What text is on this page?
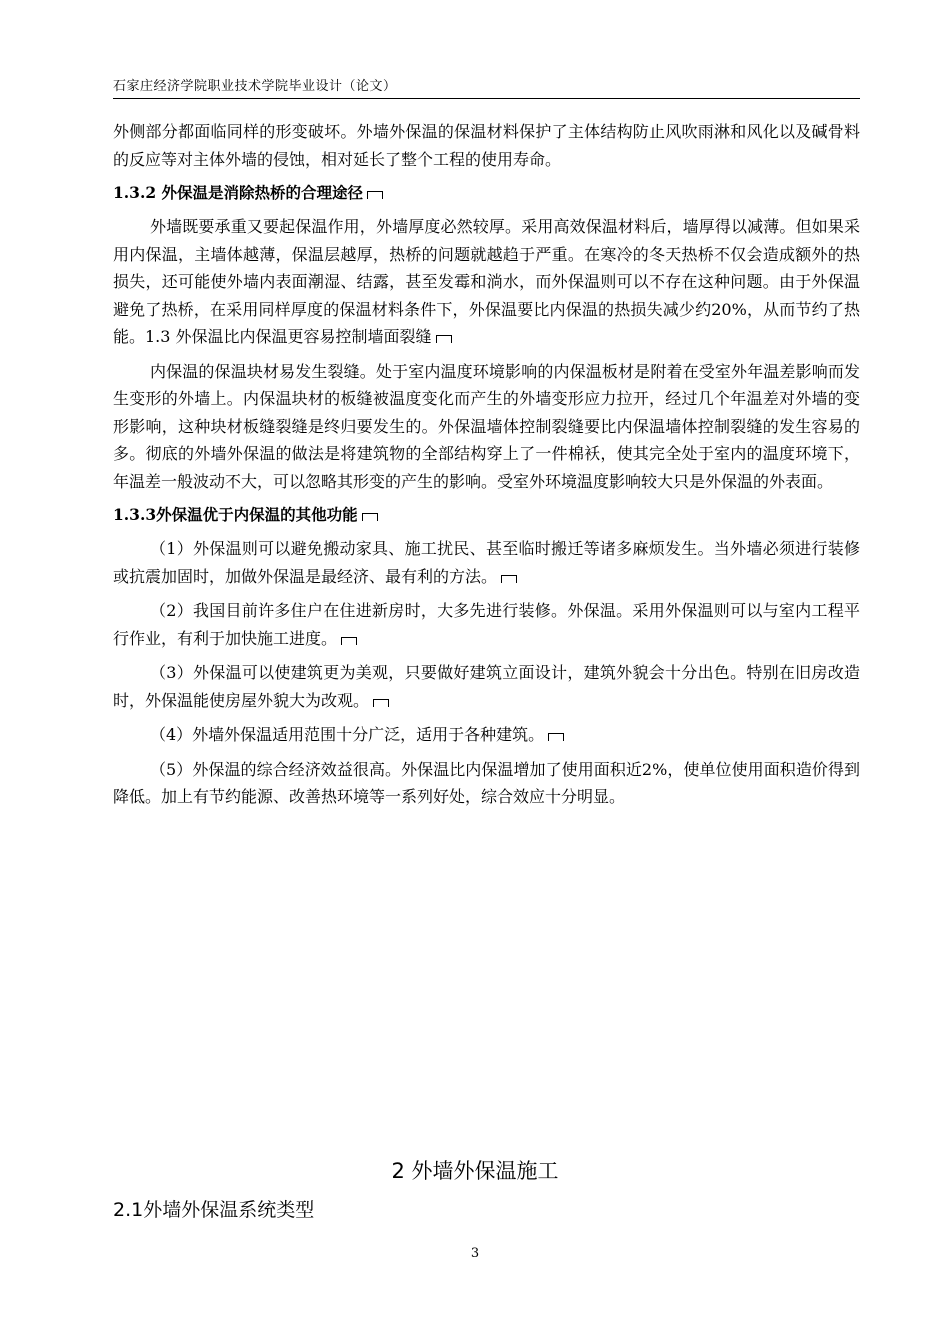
石家庄经济学院职业技术学院毕业设计（论文）

外侧部分都面临同样的形变破坏。外墙外保温的保温材料保护了主体结构防止风吹雨淋和风化以及碱骨料的反应等对主体外墙的侵蚀，相对延长了整个工程的使用寿命。

1.3.2 外保温是消除热桥的合理途径

外墙既要承重又要起保温作用，外墙厚度必然较厚。采用高效保温材料后，墙厚得以减薄。但如果采用内保温，主墙体越薄，保温层越厚，热桥的问题就越趋于严重。在寒冷的冬天热桥不仅会造成额外的热损失，还可能使外墙内表面潮湿、结露，甚至发霉和淌水，而外保温则可以不存在这种问题。由于外保温避免了热桥，在采用同样厚度的保温材料条件下，外保温要比内保温的热损失减少约20%，从而节约了热能。1.3 外保温比内保温更容易控制墙面裂缝

内保温的保温块材易发生裂缝。处于室内温度环境影响的内保温板材是附着在受室外年温差影响而发生变形的外墙上。内保温块材的板缝被温度变化而产生的外墙变形应力拉开，经过几个年温差对外墙的变形影响，这种块材板缝裂缝是终归要发生的。外保温墙体控制裂缝要比内保温墙体控制裂缝的发生容易的多。彻底的外墙外保温的做法是将建筑物的全部结构穿上了一件棉袄，使其完全处于室内的温度环境下，年温差一般波动不大，可以忽略其形变的产生的影响。受室外环境温度影响较大只是外保温的外表面。

1.3.3外保温优于内保温的其他功能

（1）外保温则可以避免搬动家具、施工扰民、甚至临时搬迁等诸多麻烦发生。当外墙必须进行装修或抗震加固时，加做外保温是最经济、最有利的方法。

（2）我国目前许多住户在住进新房时，大多先进行装修。外保温。采用外保温则可以与室内工程平行作业，有利于加快施工进度。

（3）外保温可以使建筑更为美观，只要做好建筑立面设计，建筑外貌会十分出色。特别在旧房改造时，外保温能使房屋外貌大为改观。

（4）外墙外保温适用范围十分广泛，适用于各种建筑。

（5）外保温的综合经济效益很高。外保温比内保温增加了使用面积近2%，使单位使用面积造价得到降低。加上有节约能源、改善热环境等一系列好处，综合效应十分明显。

2 外墙外保温施工
2.1外墙外保温系统类型
3
